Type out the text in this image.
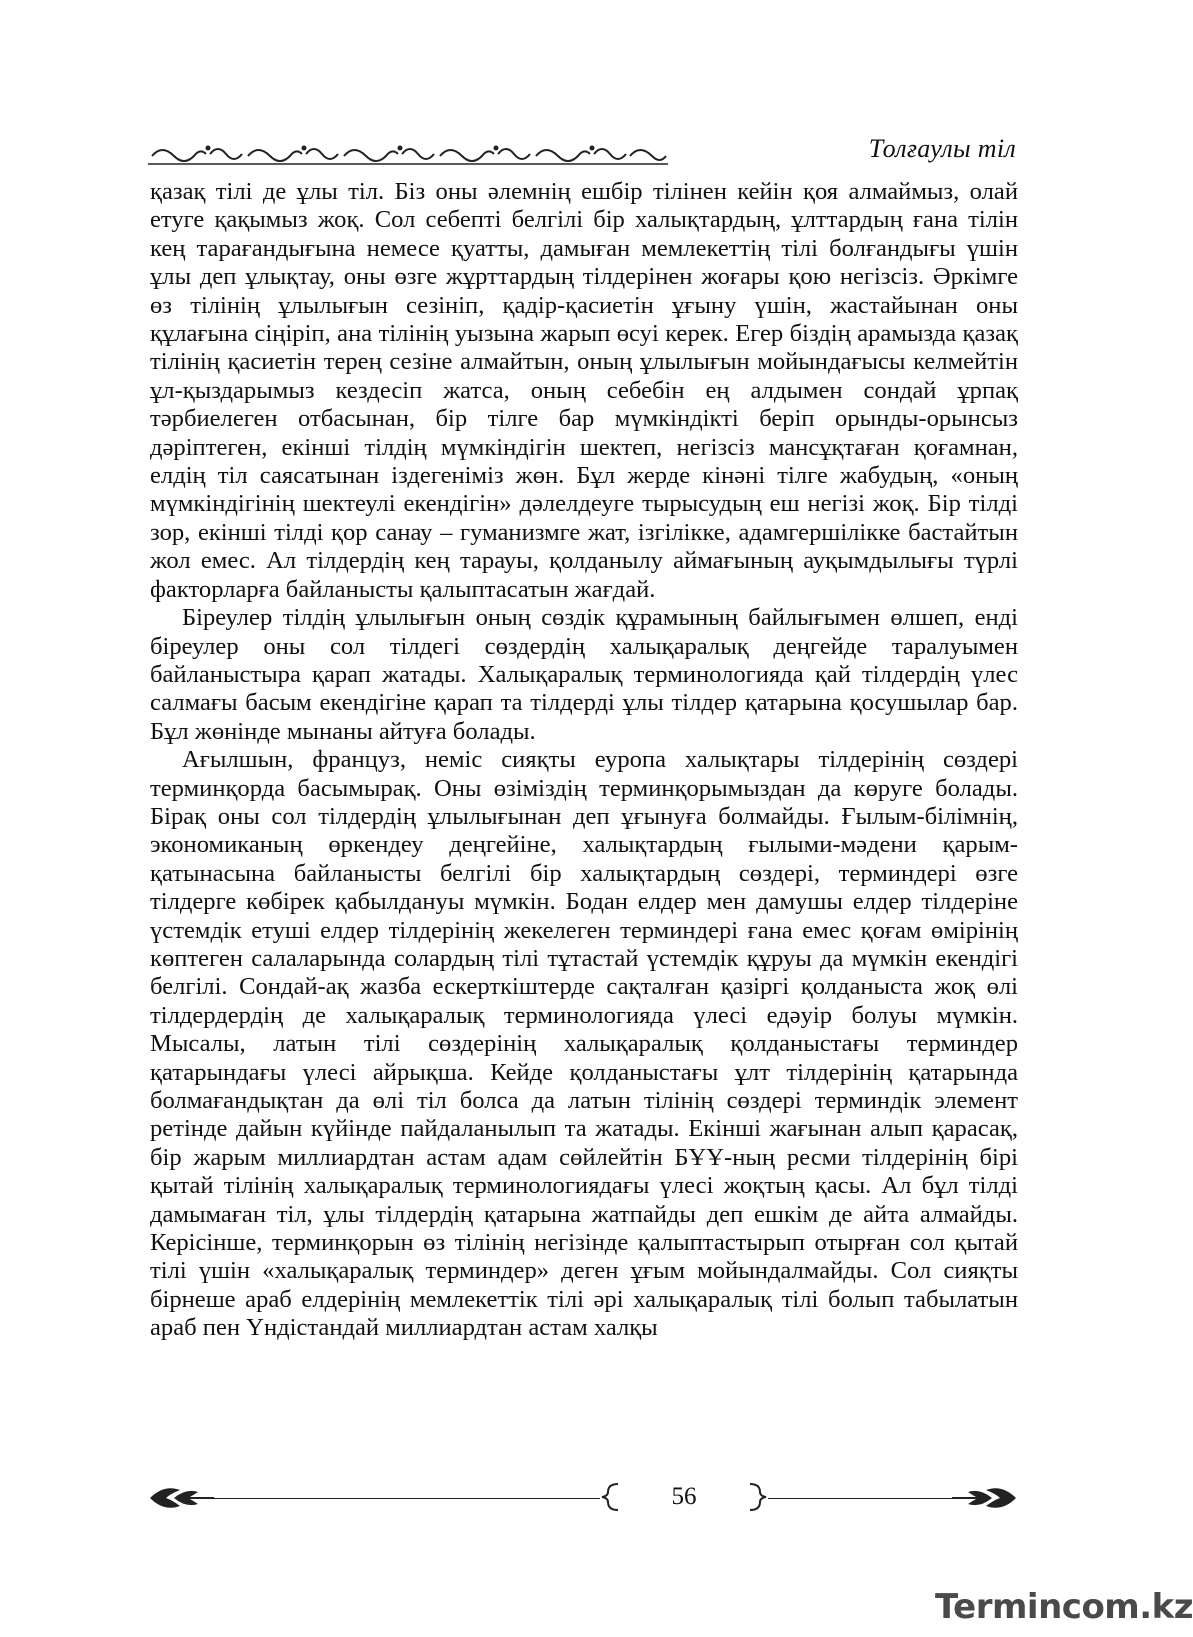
Толғаулы тіл

қазақ тілі де ұлы тіл. Біз оны әлемнің ешбір тілінен кейін қоя алмаймыз, олай етуге қақымыз жоқ. Сол себепті белгілі бір халықтардың, ұлттардың ғана тілін кең тарағандығына немесе қуатты, дамыған мемлекеттің тілі болғандығы үшін ұлы деп ұлықтау, оны өзге жұрттардың тілдерінен жоғары қою негізсіз. Әркімге өз тілінің ұлылығын сезініп, қадір-қасиетін ұғыну үшін, жастайынан оны құлағына сіңіріп, ана тілінің уызына жарып өсуі керек. Егер біздің арамызда қазақ тілінің қасиетін терең сезіне алмайтын, оның ұлылығын мойындағысы келмейтін ұл-қыздарымыз кездесіп жатса, оның себебін ең алдымен сондай ұрпақ тәрбиелеген отбасынан, бір тілге бар мүмкіндікті беріп орынды-орынсыз дәріптеген, екінші тілдің мүмкіндігін шектеп, негізсіз мансұқтаған қоғамнан, елдің тіл саясатынан іздегеніміз жөн. Бұл жерде кінәні тілге жабудың, «оның мүмкіндігінің шектеулі екендігін» дәлелдеуге тырысудың еш негізі жоқ. Бір тілді зор, екінші тілді қор санау – гуманизмге жат, ізгілікке, адамгершілікке бастайтын жол емес. Ал тілдердің кең тарауы, қолданылу аймағының ауқымдылығы түрлі факторларға байланысты қалыптасатын жағдай.

Біреулер тілдің ұлылығын оның сөздік құрамының байлығымен өлшеп, енді біреулер оны сол тілдегі сөздердің халықаралық деңгейде таралуымен байланыстыра қарап жатады. Халықаралық терминологияда қай тілдердің үлес салмағы басым екендігіне қарап та тілдерді ұлы тілдер қатарына қосушылар бар. Бұл жөнінде мынаны айтуға болады.

Ағылшын, француз, неміс сияқты еуропа халықтары тілдерінің сөздері терминқорда басымырақ. Оны өзіміздің терминқорымыздан да көруге болады. Бірақ оны сол тілдердің ұлылығынан деп ұғынуға болмайды. Ғылым-білімнің, экономиканың өркендеу деңгейіне, халықтардың ғылыми-мәдени қарым-қатынасына байланысты белгілі бір халықтардың сөздері, терминдері өзге тілдерге көбірек қабылдануы мүмкін. Бодан елдер мен дамушы елдер тілдеріне үстемдік етуші елдер тілдерінің жекелеген терминдері ғана емес қоғам өмірінің көптеген салаларында солардың тілі тұтастай үстемдік құруы да мүмкін екендігі белгілі. Сондай-ақ жазба ескерткіштерде сақталған қазіргі қолданыста жоқ өлі тілдердердің де халықаралық терминологияда үлесі едәуір болуы мүмкін. Мысалы, латын тілі сөздерінің халықаралық қолданыстағы терминдер қатарындағы үлесі айрықша. Кейде қолданыстағы ұлт тілдерінің қатарында болмағандықтан да өлі тіл болса да латын тілінің сөздері терминдік элемент ретінде дайын күйінде пайдаланылып та жатады. Екінші жағынан алып қарасақ, бір жарым миллиардтан астам адам сөйлейтін БҰҰ-ның ресми тілдерінің бірі қытай тілінің халықаралық терминологиядағы үлесі жоқтың қасы. Ал бұл тілді дамымаған тіл, ұлы тілдердің қатарына жатпайды деп ешкім де айта алмайды. Керісінше, терминқорын өз тілінің негізінде қалыптастырып отырған сол қытай тілі үшін «халықаралық терминдер» деген ұғым мойындалмайды. Сол сияқты бірнеше араб елдерінің мемлекеттік тілі әрі халықаралық тілі болып табылатын араб пен Үндістандай миллиардтан астам халқы

56
Termincom.kz
